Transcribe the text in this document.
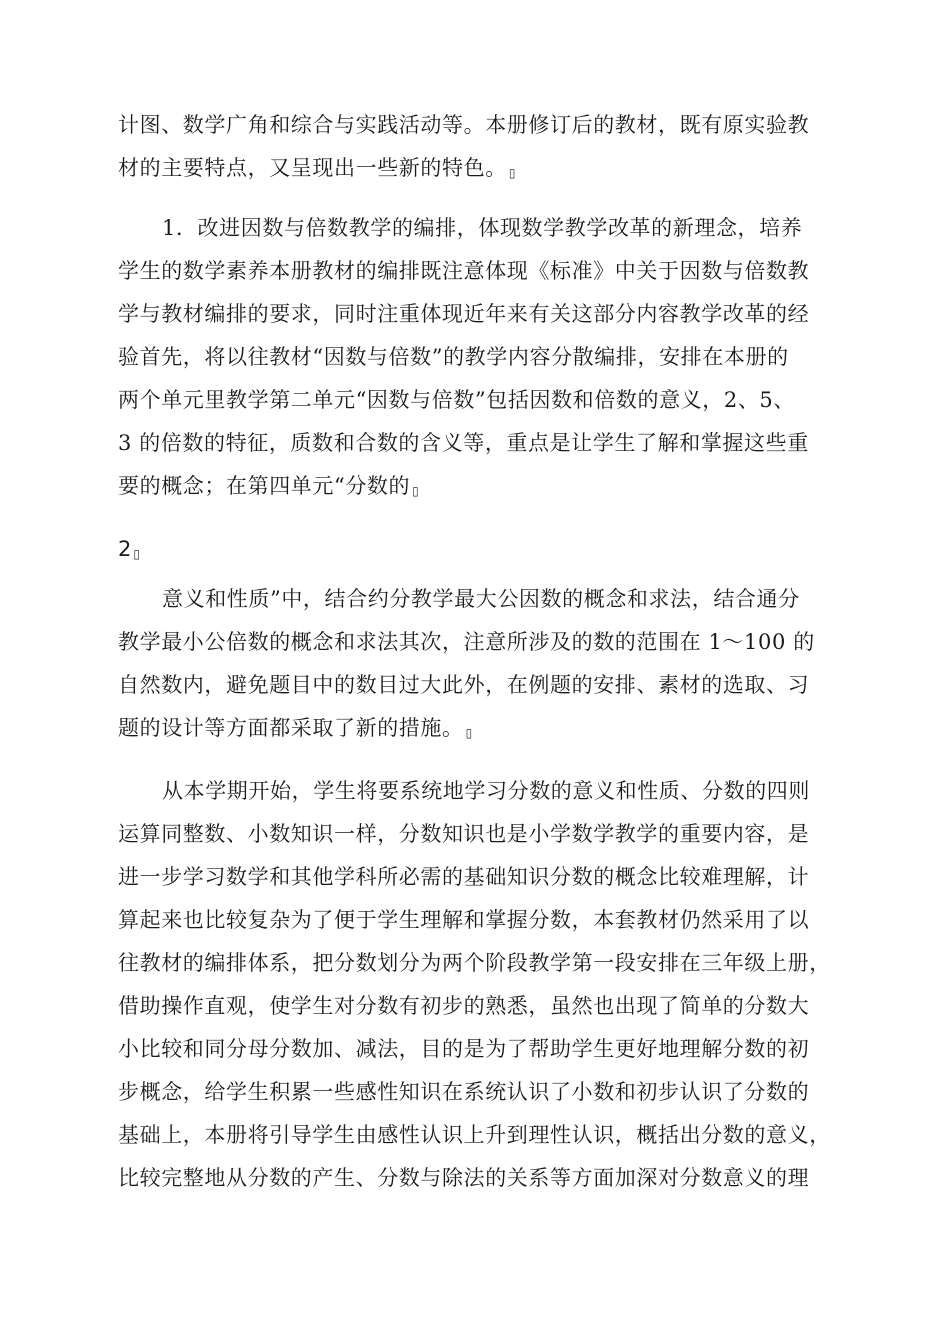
计图、数学广角和综合与实践活动等。本册修订后的教材，既有原实验教
材的主要特点，又呈现出一些新的特色。 ▯
1．改进因数与倍数教学的编排，体现数学教学改革的新理念，培养
学生的数学素养本册教材的编排既注意体现《标准》中关于因数与倍数教
学与教材编排的要求，同时注重体现近年来有关这部分内容教学改革的经
验首先，将以往教材“因数与倍数”的教学内容分散编排，安排在本册的
两个单元里教学第二单元“因数与倍数”包括因数和倍数的意义，2、5、
3 的倍数的特征，质数和合数的含义等，重点是让学生了解和掌握这些重
要的概念；在第四单元“分数的 ▯
2 ▯
意义和性质”中，结合约分教学最大公因数的概念和求法，结合通分
教学最小公倍数的概念和求法其次，注意所涉及的数的范围在 1～100 的
自然数内，避免题目中的数目过大此外，在例题的安排、素材的选取、习
题的设计等方面都采取了新的措施。 ▯
从本学期开始，学生将要系统地学习分数的意义和性质、分数的四则
运算同整数、小数知识一样，分数知识也是小学数学教学的重要内容，是
进一步学习数学和其他学科所必需的基础知识分数的概念比较难理解，计
算起来也比较复杂为了便于学生理解和掌握分数，本套教材仍然采用了以
往教材的编排体系，把分数划分为两个阶段教学第一段安排在三年级上册，
借助操作直观，使学生对分数有初步的熟悉，虽然也出现了简单的分数大
小比较和同分母分数加、减法，目的是为了帮助学生更好地理解分数的初
步概念，给学生积累一些感性知识在系统认识了小数和初步认识了分数的
基础上，本册将引导学生由感性认识上升到理性认识，概括出分数的意义，
比较完整地从分数的产生、分数与除法的关系等方面加深对分数意义的理
